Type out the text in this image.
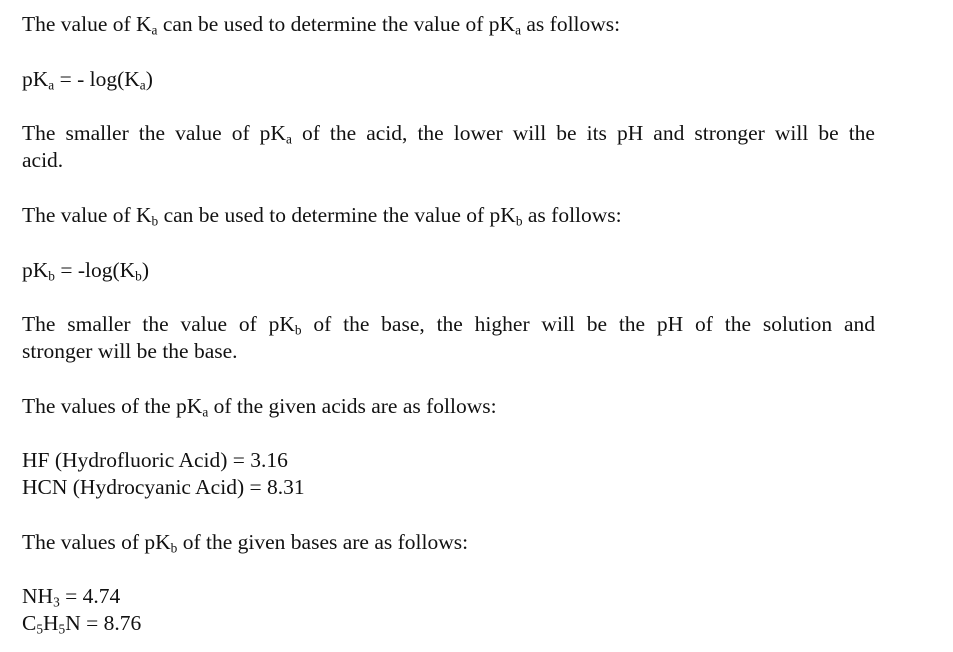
The value of $K_a$ can be used to determine the value of $pK_a$ as follows:
$pK_a$ = - $\log(K_a)$
The smaller the value of $pK_a$ of the acid, the lower will be its pH and stronger will be the
acid.
The value of $K_b$ can be used to determine the value of $pK_b$ as follows:
$pK_b = -\log(K_b)$
The smaller the value of $pK_b$ of the base, the higher will be the pH of the solution and
stronger will be the base.
The values of the $pK_a$ of the given acids are as follows:
HF (Hydrofluoric Acid) = 3.16
HCN (Hydrocyanic Acid) = 8.31
The values of $pK_b$ of the given bases are as follows:
$NH_3 = 4.74$
$C_5H_5N = 8.76$
